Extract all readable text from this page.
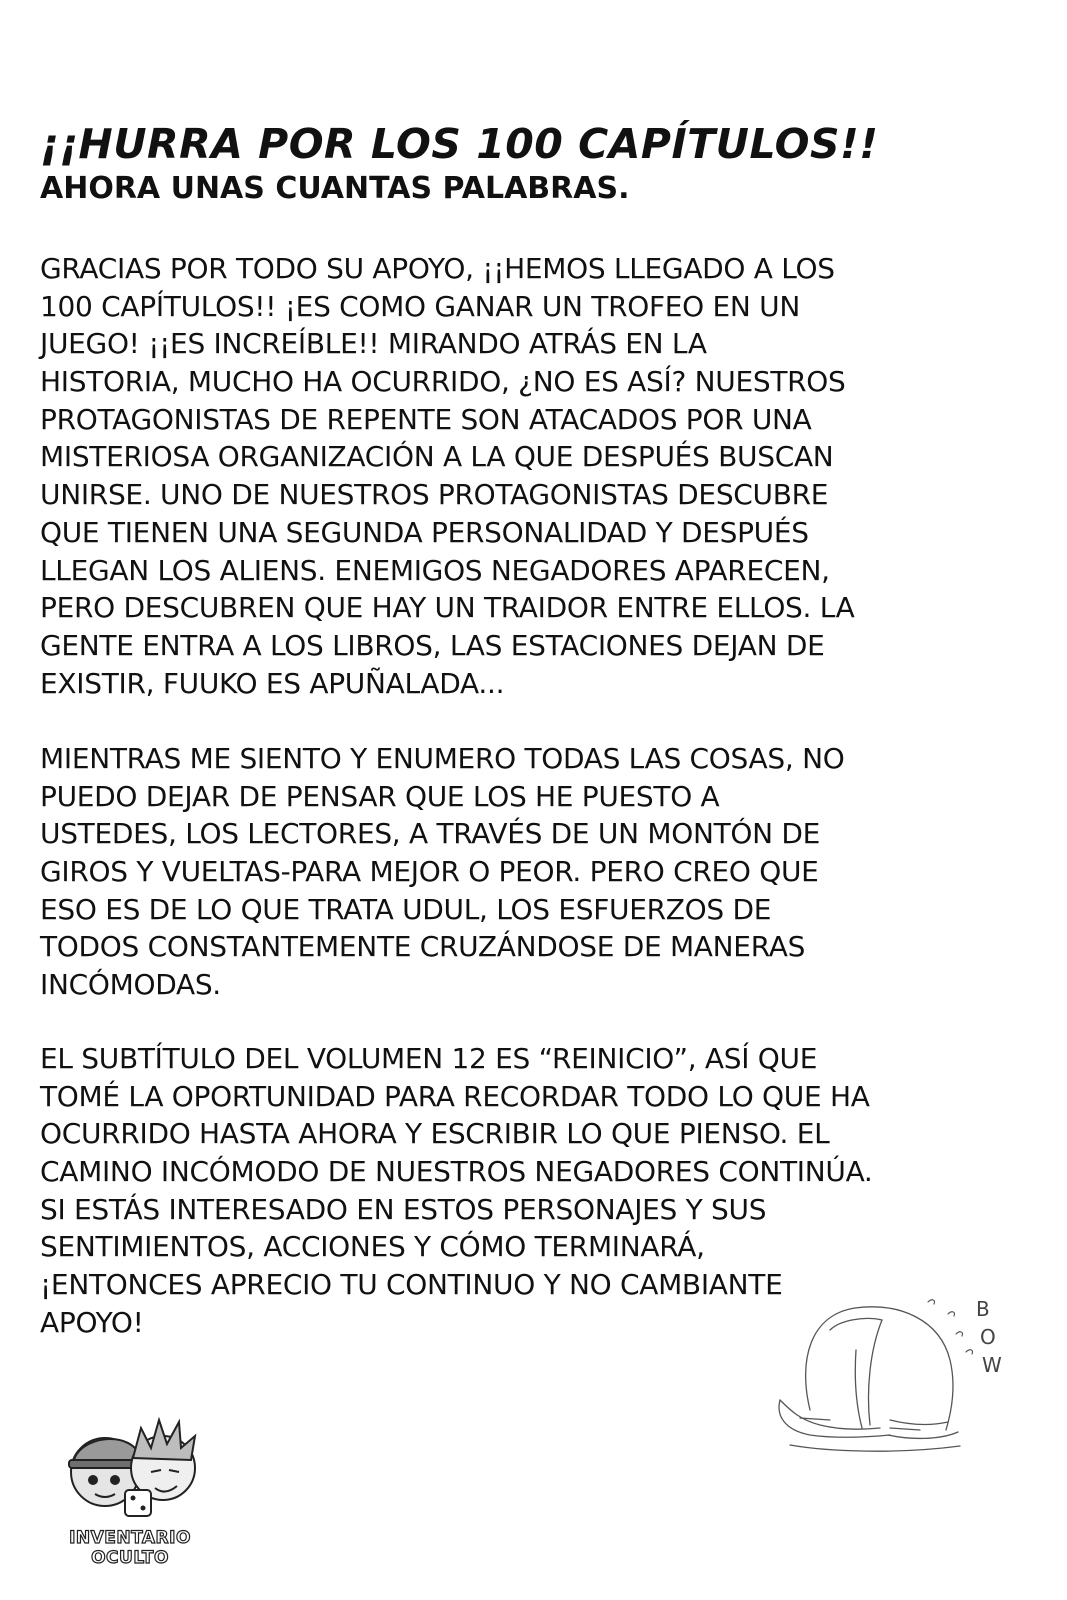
¡¡HURRA POR LOS 100 CAPÍTULOS!!
AHORA UNAS CUANTAS PALABRAS.
GRACIAS POR TODO SU APOYO, ¡¡HEMOS LLEGADO A LOS
100 CAPÍTULOS!! ¡ES COMO GANAR UN TROFEO EN UN
JUEGO! ¡¡ES INCREÍBLE!! MIRANDO ATRÁS EN LA
HISTORIA, MUCHO HA OCURRIDO, ¿NO ES ASÍ? NUESTROS
PROTAGONISTAS DE REPENTE SON ATACADOS POR UNA
MISTERIOSA ORGANIZACIÓN A LA QUE DESPUÉS BUSCAN
UNIRSE. UNO DE NUESTROS PROTAGONISTAS DESCUBRE
QUE TIENEN UNA SEGUNDA PERSONALIDAD Y DESPUÉS
LLEGAN LOS ALIENS. ENEMIGOS NEGADORES APARECEN,
PERO DESCUBREN QUE HAY UN TRAIDOR ENTRE ELLOS. LA
GENTE ENTRA A LOS LIBROS, LAS ESTACIONES DEJAN DE
EXISTIR, FUUKO ES APUÑALADA...
MIENTRAS ME SIENTO Y ENUMERO TODAS LAS COSAS, NO
PUEDO DEJAR DE PENSAR QUE LOS HE PUESTO A
USTEDES, LOS LECTORES, A TRAVÉS DE UN MONTÓN DE
GIROS Y VUELTAS-PARA MEJOR O PEOR. PERO CREO QUE
ESO ES DE LO QUE TRATA UDUL, LOS ESFUERZOS DE
TODOS CONSTANTEMENTE CRUZÁNDOSE DE MANERAS
INCÓMODAS.
EL SUBTÍTULO DEL VOLUMEN 12 ES “REINICIO”, ASÍ QUE
TOMÉ LA OPORTUNIDAD PARA RECORDAR TODO LO QUE HA
OCURRIDO HASTA AHORA Y ESCRIBIR LO QUE PIENSO. EL
CAMINO INCÓMODO DE NUESTROS NEGADORES CONTINÚA.
SI ESTÁS INTERESADO EN ESTOS PERSONAJES Y SUS
SENTIMIENTOS, ACCIONES Y CÓMO TERMINARÁ,
¡ENTONCES APRECIO TU CONTINUO Y NO CAMBIANTE
APOYO!	B
O
W
INVENTARIO
OCULTO
